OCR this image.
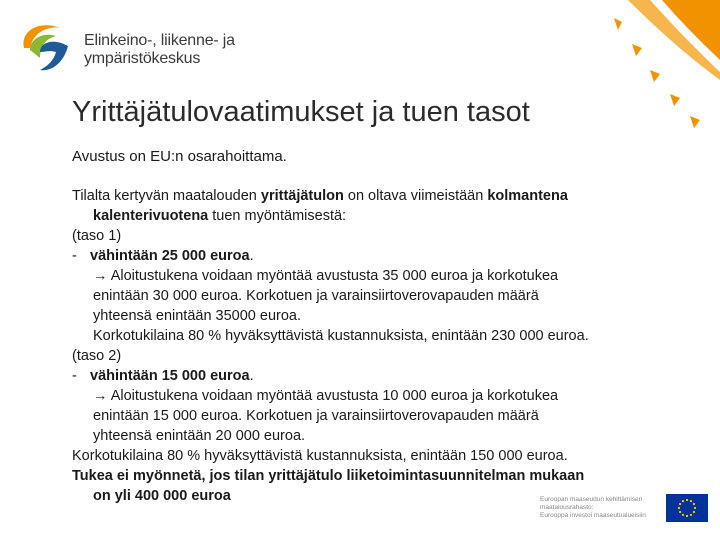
Elinkeino-, liikenne- ja
ympäristökeskus
Yrittäjätulovaatimukset ja tuen tasot

Avustus on EU:n osarahoittama.

Tilalta kertyvän maatalouden yrittäjätulon on oltava viimeistään kolmantena

kalenterivuotena tuen myöntämisestä:

(taso 1)

- vähintään 25 000 euroa.

→ Aloitustukena voidaan myöntää avustusta 35 000 euroa ja korkotukea

enintään 30 000 euroa. Korkotuen ja varainsiirtoverovapauden määrä

yhteensä enintään 35000 euroa.

Korkotukilaina 80 % hyväksyttävistä kustannuksista, enintään 230 000 euroa.

(taso 2)

- vähintään 15 000 euroa.

→ Aloitustukena voidaan myöntää avustusta 10 000 euroa ja korkotukea

enintään 15 000 euroa. Korkotuen ja varainsiirtoverovapauden määrä

yhteensä enintään 20 000 euroa.

Korkotukilaina 80 % hyväksyttävistä kustannuksista, enintään 150 000 euroa.

Tukea ei myönnetä, jos tilan yrittäjätulo liiketoimintasuunnitelman mukaan

on yli 400 000 euroa	Euroopan maaseudun kehittämisen
maatalousrahasto:
Eurooppa investoi maaseutualueisiin
